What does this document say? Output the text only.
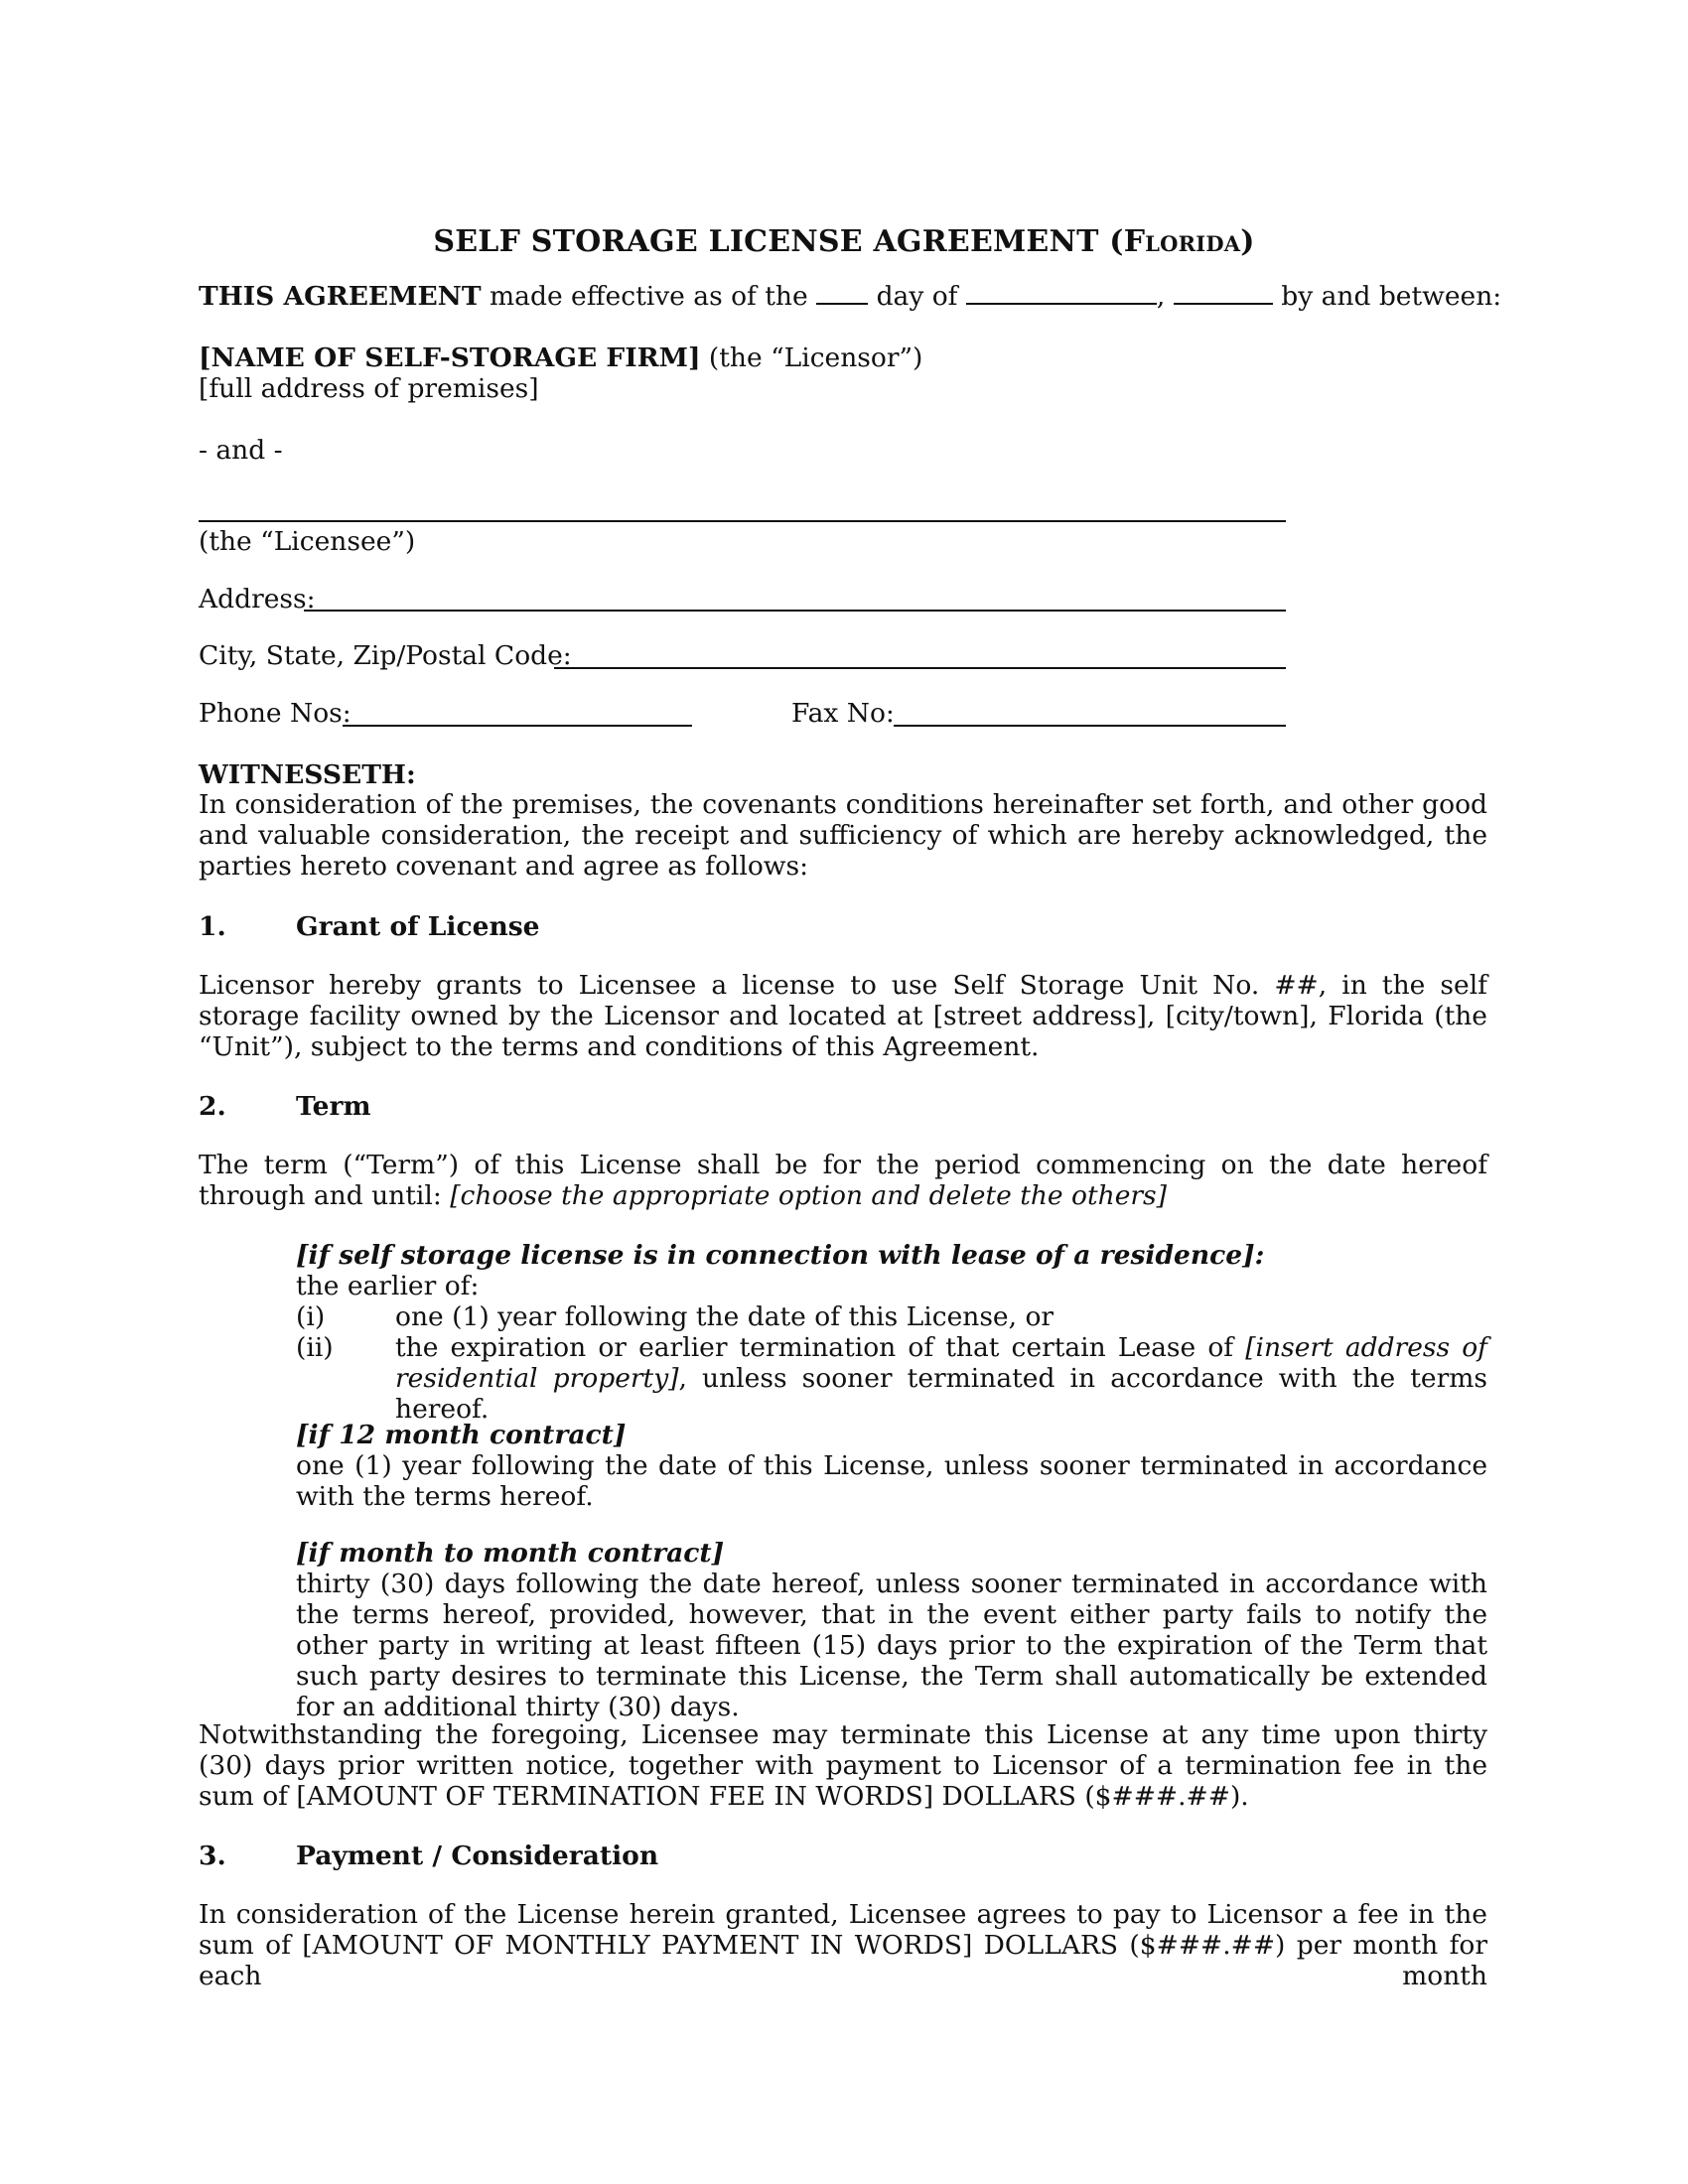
SELF STORAGE LICENSE AGREEMENT (Florida)
THIS AGREEMENT made effective as of the	day of	,	by and between:
[NAME OF SELF-STORAGE FIRM] (the “Licensor”)
[full address of premises]
- and -
(the “Licensee”)
Address:
City, State, Zip/Postal Code:
Phone Nos:	Fax No:
WITNESSETH:
In consideration of the premises, the covenants conditions hereinafter set forth, and other good and valuable consideration, the receipt and sufficiency of which are hereby acknowledged, the parties hereto covenant and agree as follows:
1.	Grant of License
Licensor hereby grants to Licensee a license to use Self Storage Unit No. ##, in the self storage facility owned by the Licensor and located at [street address], [city/town], Florida (the “Unit”), subject to the terms and conditions of this Agreement.
2.	Term
The term (“Term”) of this License shall be for the period commencing on the date hereof through and until: [choose the appropriate option and delete the others]
[if self storage license is in connection with lease of a residence]:
the earlier of:
(i)	one (1) year following the date of this License, or
(ii) the expiration or earlier termination of that certain Lease of [insert address of residential property], unless sooner terminated in accordance with the terms hereof.
[if 12 month contract]
one (1) year following the date of this License, unless sooner terminated in accordance with the terms hereof.
[if month to month contract]
thirty (30) days following the date hereof, unless sooner terminated in accordance with the terms hereof, provided, however, that in the event either party fails to notify the other party in writing at least fifteen (15) days prior to the expiration of the Term that such party desires to terminate this License, the Term shall automatically be extended for an additional thirty (30) days.
Notwithstanding the foregoing, Licensee may terminate this License at any time upon thirty (30) days prior written notice, together with payment to Licensor of a termination fee in the sum of [AMOUNT OF TERMINATION FEE IN WORDS] DOLLARS ($###.##).
3.	Payment / Consideration
In consideration of the License herein granted, Licensee agrees to pay to Licensor a fee in the sum of [AMOUNT OF MONTHLY PAYMENT IN WORDS] DOLLARS ($###.##) per month for each month
